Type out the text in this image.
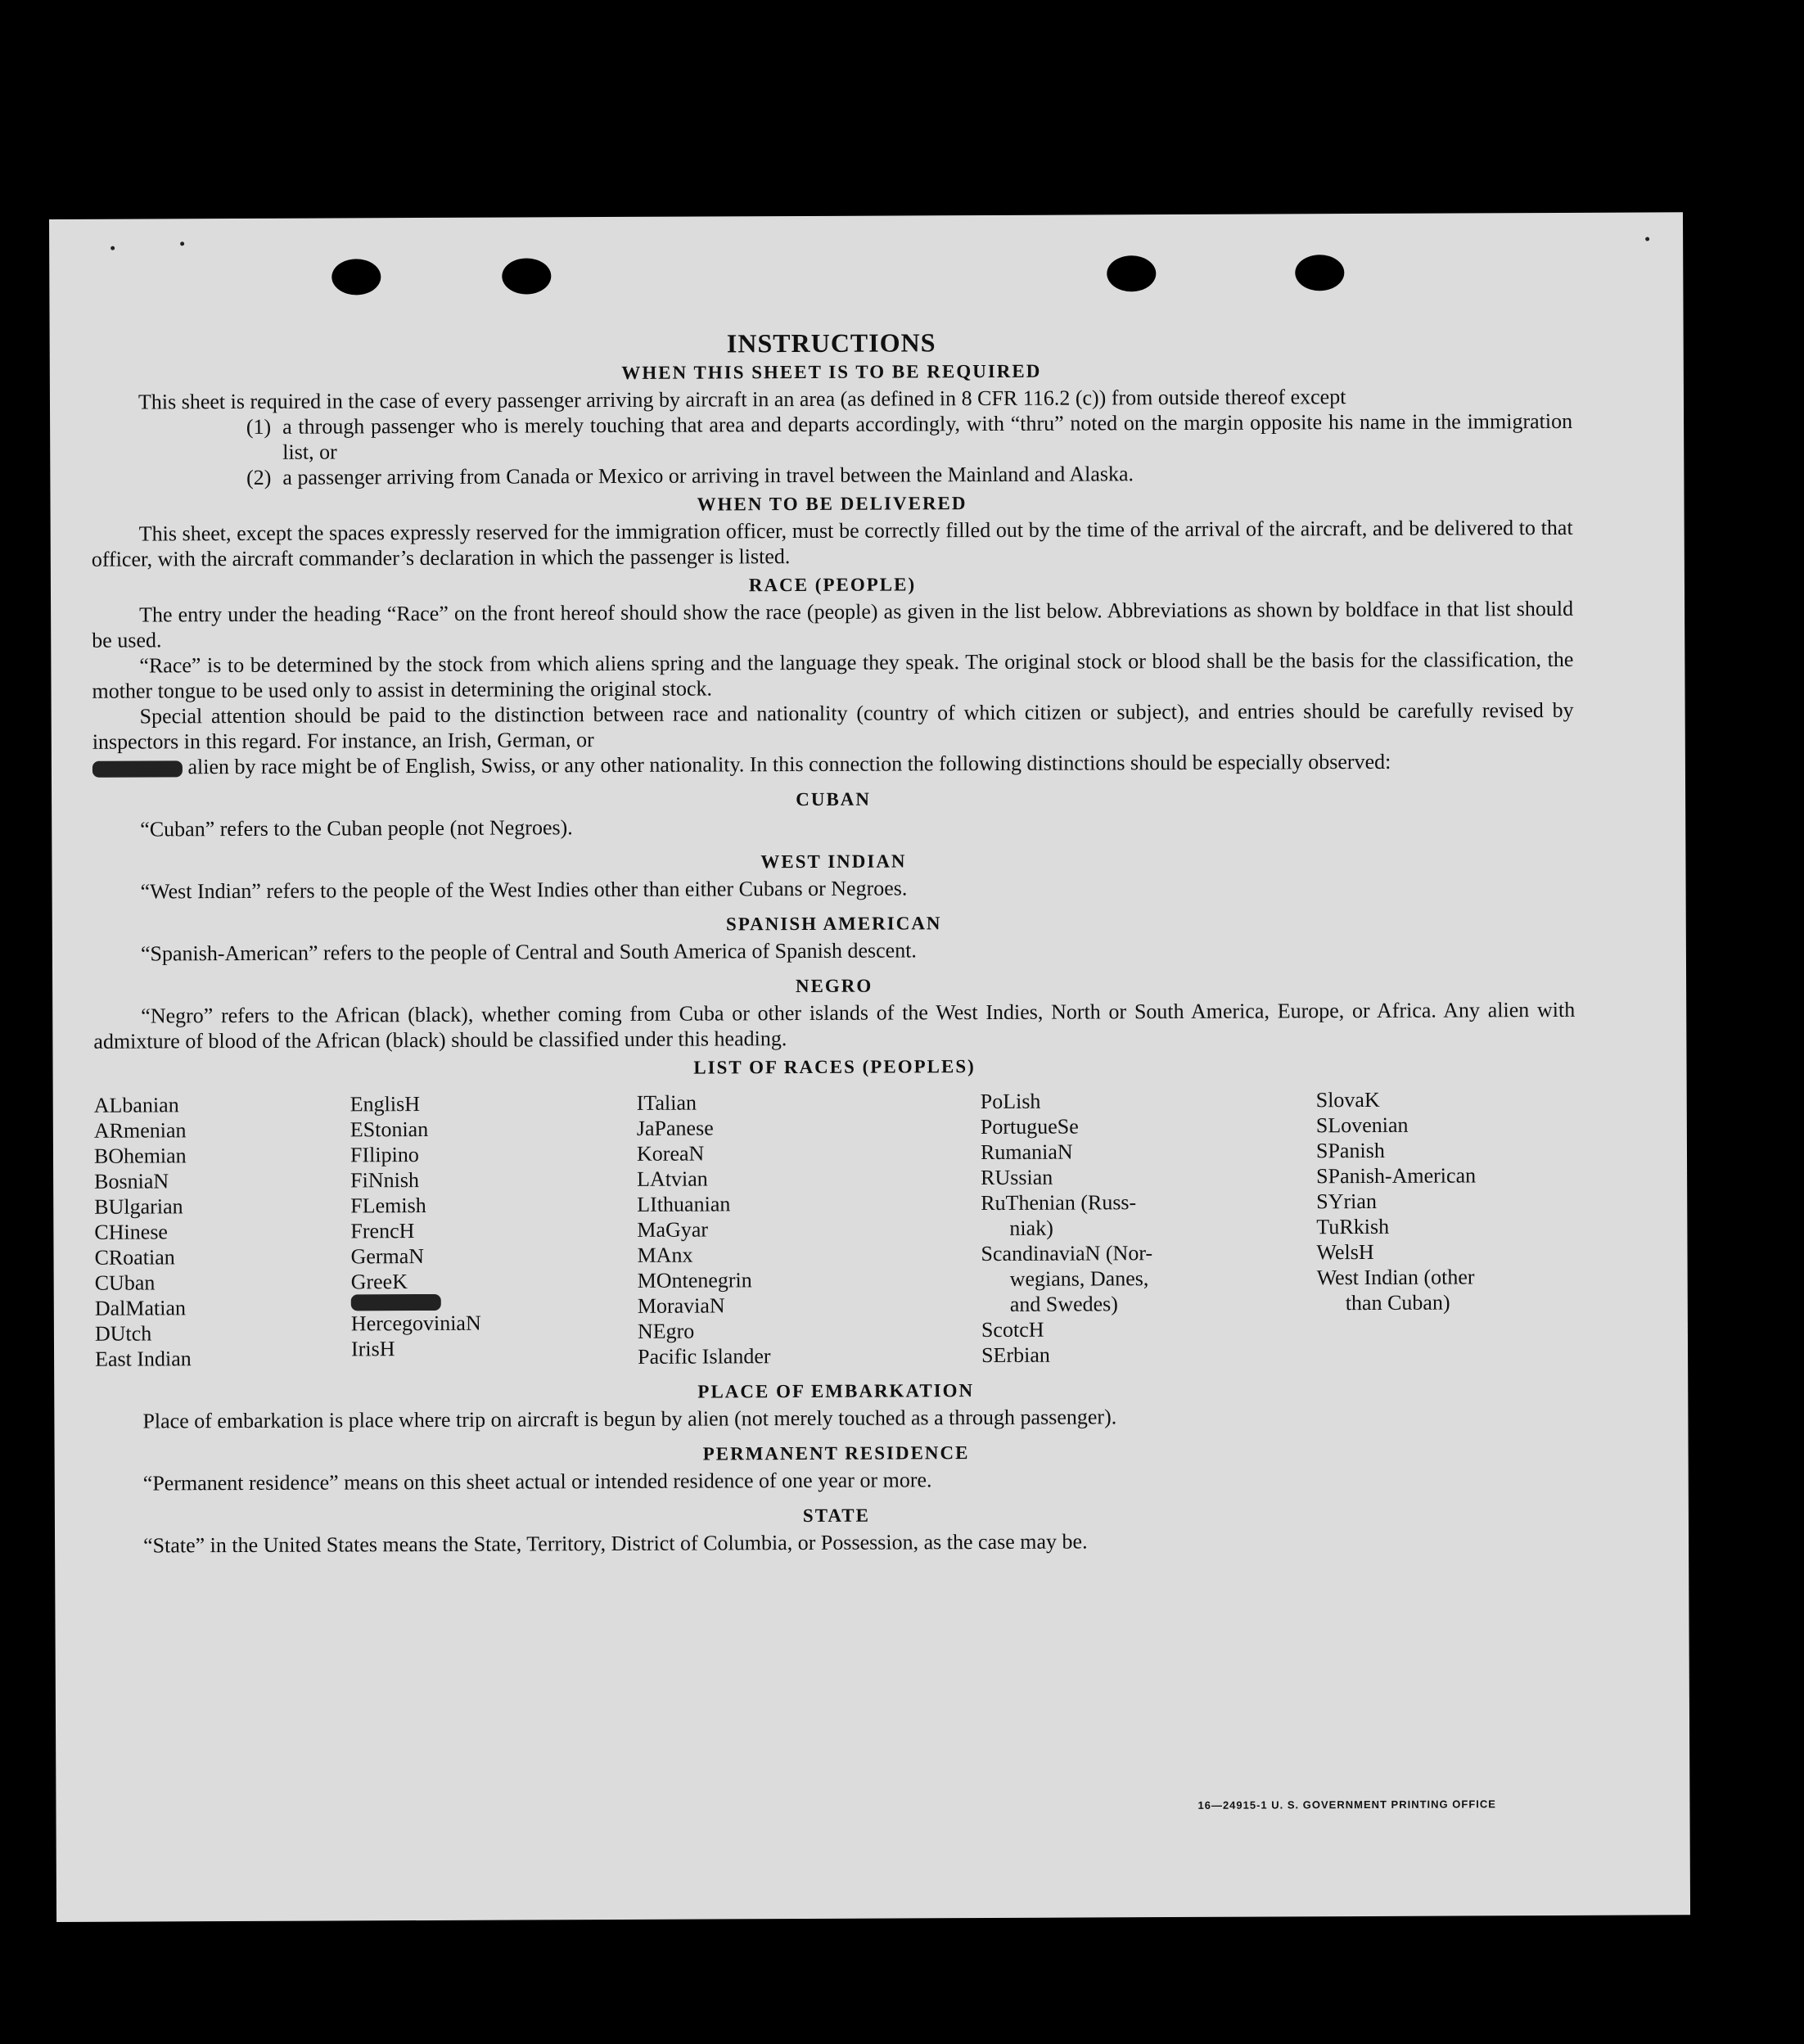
INSTRUCTIONS
WHEN THIS SHEET IS TO BE REQUIRED

This sheet is required in the case of every passenger arriving by aircraft in an area (as defined in 8 CFR 116.2 (c)) from outside thereof except

(1) a through passenger who is merely touching that area and departs accordingly, with “thru” noted on the margin opposite his name in the immigration list, or
(2) a passenger arriving from Canada or Mexico or arriving in travel between the Mainland and Alaska.
WHEN TO BE DELIVERED

This sheet, except the spaces expressly reserved for the immigration officer, must be correctly filled out by the time of the arrival of the aircraft, and be delivered to that officer, with the aircraft commander’s declaration in which the passenger is listed.

RACE (PEOPLE)

The entry under the heading “Race” on the front hereof should show the race (people) as given in the list below. Abbreviations as shown by boldface in that list should be used.

“Race” is to be determined by the stock from which aliens spring and the language they speak. The original stock or blood shall be the basis for the classification, the mother tongue to be used only to assist in determining the original stock.

Special attention should be paid to the distinction between race and nationality (country of which citizen or subject), and entries should be carefully revised by inspectors in this regard. For instance, an Irish, German, or

alien by race might be of English, Swiss, or any other nationality. In this connection the following distinctions should be especially observed:

CUBAN

“Cuban” refers to the Cuban people (not Negroes).

WEST INDIAN

“West Indian” refers to the people of the West Indies other than either Cubans or Negroes.

SPANISH AMERICAN

“Spanish-American” refers to the people of Central and South America of Spanish descent.

NEGRO

“Negro” refers to the African (black), whether coming from Cuba or other islands of the West Indies, North or South America, Europe, or Africa. Any alien with admixture of blood of the African (black) should be classified under this heading.

LIST OF RACES (PEOPLES)
ALbanian
ARmenian
BOhemian
BosniaN
BUlgarian
CHinese
CRoatian
CUban
DalMatian
DUtch
East Indian
EnglisH
EStonian
FIlipino
FiNnish
FLemish
FrencH
GermaN
GreeK
HercegoviniaN
IrisH
ITalian
JaPanese
KoreaN
LAtvian
LIthuanian
MaGyar
MAnx
MOntenegrin
MoraviaN
NEgro
Pacific Islander
PoLish
PortugueSe
RumaniaN
RUssian
RuThenian (Russ-
niak)
ScandinaviaN (Nor-
wegians, Danes,
and Swedes)
ScotcH
SErbian
SlovaK
SLovenian
SPanish
SPanish-American
SYrian
TuRkish
WelsH
West Indian (other
than Cuban)
PLACE OF EMBARKATION

Place of embarkation is place where trip on aircraft is begun by alien (not merely touched as a through passenger).

PERMANENT RESIDENCE

“Permanent residence” means on this sheet actual or intended residence of one year or more.

STATE

“State” in the United States means the State, Territory, District of Columbia, or Possession, as the case may be.

16—24915-1 U. S. GOVERNMENT PRINTING OFFICE
